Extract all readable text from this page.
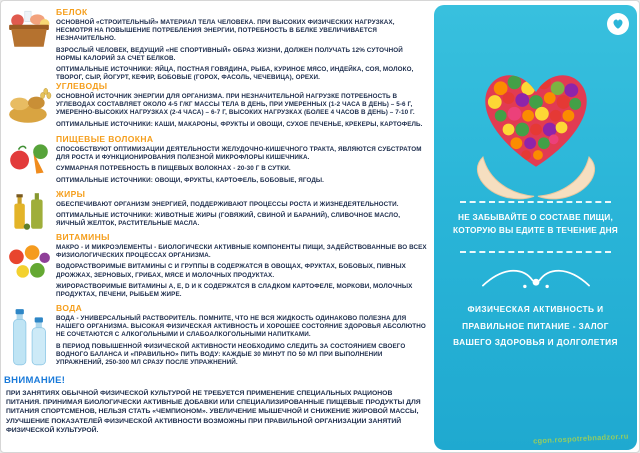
БЕЛОК

ОСНОВНОЙ «СТРОИТЕЛЬНЫЙ» МАТЕРИАЛ ТЕЛА ЧЕЛОВЕКА. ПРИ ВЫСОКИХ ФИЗИЧЕСКИХ НАГРУЗКАХ, НЕСМОТРЯ НА ПОВЫШЕНИЕ ПОТРЕБЛЕНИЯ ЭНЕРГИИ, ПОТРЕБНОСТЬ В БЕЛКЕ УВЕЛИЧИВАЕТСЯ НЕЗНАЧИТЕЛЬНО.

ВЗРОСЛЫЙ ЧЕЛОВЕК, ВЕДУЩИЙ «НЕ СПОРТИВНЫЙ» ОБРАЗ ЖИЗНИ, ДОЛЖЕН ПОЛУЧАТЬ 12% СУТОЧНОЙ НОРМЫ КАЛОРИЙ ЗА СЧЕТ БЕЛКОВ.

ОПТИМАЛЬНЫЕ ИСТОЧНИКИ: ЯЙЦА, ПОСТНАЯ ГОВЯДИНА, РЫБА, КУРИНОЕ МЯСО, ИНДЕЙКА, СОЯ, МОЛОКО, ТВОРОГ, СЫР, ЙОГУРТ, КЕФИР, БОБОВЫЕ (ГОРОХ, ФАСОЛЬ, ЧЕЧЕВИЦА), ОРЕХИ.

УГЛЕВОДЫ

ОСНОВНОЙ ИСТОЧНИК ЭНЕРГИИ ДЛЯ ОРГАНИЗМА. ПРИ НЕЗНАЧИТЕЛЬНОЙ НАГРУЗКЕ ПОТРЕБНОСТЬ В УГЛЕВОДАХ СОСТАВЛЯЕТ ОКОЛО 4-5 Г/КГ МАССЫ ТЕЛА В ДЕНЬ, ПРИ УМЕРЕННЫХ (1-2 ЧАСА В ДЕНЬ) – 5-6 Г, УМЕРЕННО-ВЫСОКИХ НАГРУЗКАХ (2-4 ЧАСА) – 6-7 Г, ВЫСОКИХ НАГРУЗКАХ (БОЛЕЕ 4 ЧАСОВ В ДЕНЬ) – 7-10 Г.

ОПТИМАЛЬНЫЕ ИСТОЧНИКИ: КАШИ, МАКАРОНЫ, ФРУКТЫ И ОВОЩИ, СУХОЕ ПЕЧЕНЬЕ, КРЕКЕРЫ, КАРТОФЕЛЬ.

ПИЩЕВЫЕ ВОЛОКНА

СПОСОБСТВУЮТ ОПТИМИЗАЦИИ ДЕЯТЕЛЬНОСТИ ЖЕЛУДОЧНО-КИШЕЧНОГО ТРАКТА, ЯВЛЯЮТСЯ СУБСТРАТОМ ДЛЯ РОСТА И ФУНКЦИОНИРОВАНИЯ ПОЛЕЗНОЙ МИКРОФЛОРЫ КИШЕЧНИКА.

СУММАРНАЯ ПОТРЕБНОСТЬ В ПИЩЕВЫХ ВОЛОКНАХ - 20-30 Г В СУТКИ.

ОПТИМАЛЬНЫЕ ИСТОЧНИКИ: ОВОЩИ, ФРУКТЫ, КАРТОФЕЛЬ, БОБОВЫЕ, ЯГОДЫ.

ЖИРЫ

ОБЕСПЕЧИВАЮТ ОРГАНИЗМ ЭНЕРГИЕЙ, ПОДДЕРЖИВАЮТ ПРОЦЕССЫ РОСТА И ЖИЗНЕДЕЯТЕЛЬНОСТИ.

ОПТИМАЛЬНЫЕ ИСТОЧНИКИ: ЖИВОТНЫЕ ЖИРЫ (ГОВЯЖИЙ, СВИНОЙ И БАРАНИЙ), СЛИВОЧНОЕ МАСЛО, ЯИЧНЫЙ ЖЕЛТОК, РАСТИТЕЛЬНЫЕ МАСЛА.

ВИТАМИНЫ

МАКРО - И МИКРОЭЛЕМЕНТЫ - БИОЛОГИЧЕСКИ АКТИВНЫЕ КОМПОНЕНТЫ ПИЩИ, ЗАДЕЙСТВОВАННЫЕ ВО ВСЕХ ФИЗИОЛОГИЧЕСКИХ ПРОЦЕССАХ ОРГАНИЗМА.

ВОДОРАСТВОРИМЫЕ ВИТАМИНЫ С И ГРУППЫ В СОДЕРЖАТСЯ В ОВОЩАХ, ФРУКТАХ, БОБОВЫХ, ПИВНЫХ ДРОЖЖАХ, ЗЕРНОВЫХ, ГРИБАХ, МЯСЕ И МОЛОЧНЫХ ПРОДУКТАХ.

ЖИРОРАСТВОРИМЫЕ ВИТАМИНЫ А, Е, D И К СОДЕРЖАТСЯ В СЛАДКОМ КАРТОФЕЛЕ, МОРКОВИ, МОЛОЧНЫХ ПРОДУКТАХ, ПЕЧЕНИ, РЫБЬЕМ ЖИРЕ.

ВОДА

ВОДА - УНИВЕРСАЛЬНЫЙ РАСТВОРИТЕЛЬ. ПОМНИТЕ, ЧТО НЕ ВСЯ ЖИДКОСТЬ ОДИНАКОВО ПОЛЕЗНА ДЛЯ НАШЕГО ОРГАНИЗМА. ВЫСОКАЯ ФИЗИЧЕСКАЯ АКТИВНОСТЬ И ХОРОШЕЕ СОСТОЯНИЕ ЗДОРОВЬЯ АБСОЛЮТНО НЕ СОЧЕТАЮТСЯ С АЛКОГОЛЬНЫМИ И СЛАБОАЛКОГОЛЬНЫМИ НАПИТКАМИ.

В ПЕРИОД ПОВЫШЕННОЙ ФИЗИЧЕСКОЙ АКТИВНОСТИ НЕОБХОДИМО СЛЕДИТЬ ЗА СОСТОЯНИЕМ СВОЕГО ВОДНОГО БАЛАНСА И «ПРАВИЛЬНО» ПИТЬ ВОДУ: КАЖДЫЕ 30 МИНУТ ПО 50 МЛ ПРИ ВЫПОЛНЕНИИ УПРАЖНЕНИЙ, 250-300 МЛ СРАЗУ ПОСЛЕ УПРАЖНЕНИЙ.

ВНИМАНИЕ!

ПРИ ЗАНЯТИЯХ ОБЫЧНОЙ ФИЗИЧЕСКОЙ КУЛЬТУРОЙ НЕ ТРЕБУЕТСЯ ПРИМЕНЕНИЕ СПЕЦИАЛЬНЫХ РАЦИОНОВ ПИТАНИЯ. ПРИНИМАЯ БИОЛОГИЧЕСКИ АКТИВНЫЕ ДОБАВКИ ИЛИ СПЕЦИАЛИЗИРОВАННЫЕ ПИЩЕВЫЕ ПРОДУКТЫ ДЛЯ ПИТАНИЯ СПОРТСМЕНОВ, НЕЛЬЗЯ СТАТЬ «ЧЕМПИОНОМ». УВЕЛИЧЕНИЕ МЫШЕЧНОЙ И СНИЖЕНИЕ ЖИРОВОЙ МАССЫ, УЛУЧШЕНИЕ ПОКАЗАТЕЛЕЙ ФИЗИЧЕСКОЙ АКТИВНОСТИ ВОЗМОЖНЫ ПРИ ПРАВИЛЬНОЙ ОРГАНИЗАЦИИ ЗАНЯТИЙ ФИЗИЧЕСКОЙ КУЛЬТУРОЙ.

НЕ ЗАБЫВАЙТЕ О СОСТАВЕ ПИЩИ, КОТОРУЮ ВЫ ЕДИТЕ В ТЕЧЕНИЕ ДНЯ
ФИЗИЧЕСКАЯ АКТИВНОСТЬ И ПРАВИЛЬНОЕ ПИТАНИЕ - ЗАЛОГ ВАШЕГО ЗДОРОВЬЯ И ДОЛГОЛЕТИЯ
cgon.rospotrebnadzor.ru
